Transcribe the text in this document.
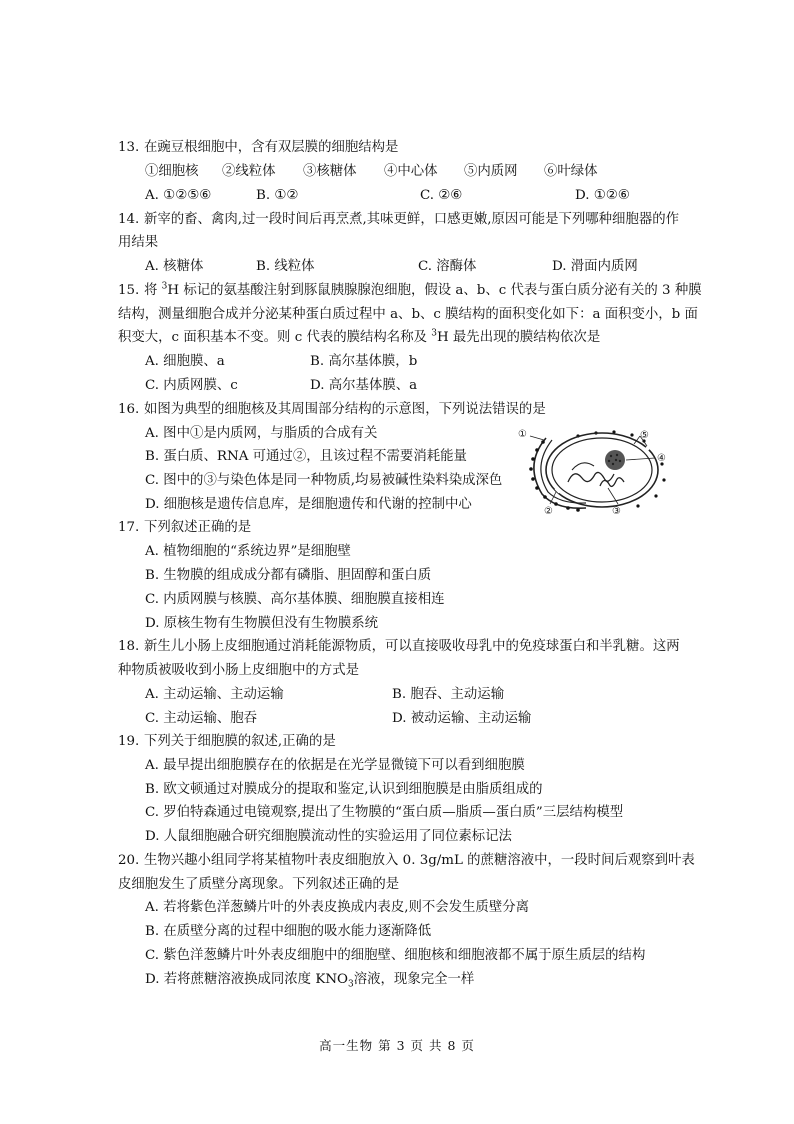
13. 在豌豆根细胞中，含有双层膜的细胞结构是
①细胞核 ②线粒体 ③核糖体 ④中心体 ⑤内质网 ⑥叶绿体
A. ①②⑤⑥	B. ①②	C. ②⑥	D. ①②⑥
14. 新宰的畜、禽肉,过一段时间后再烹煮,其味更鲜，口感更嫩,原因可能是下列哪种细胞器的作
用结果
A. 核糖体	B. 线粒体	C. 溶酶体	D. 滑面内质网
15. 将 $^3$H 标记的氨基酸注射到豚鼠胰腺腺泡细胞，假设 a、b、c 代表与蛋白质分泌有关的 3 种膜
结构，测量细胞合成并分泌某种蛋白质过程中 a、b、c 膜结构的面积变化如下：a 面积变小，b 面
积变大，c 面积基本不变。则 c 代表的膜结构名称及 $^3$H 最先出现的膜结构依次是
A. 细胞膜、a	B. 高尔基体膜，b
C. 内质网膜、c	D. 高尔基体膜、a
16. 如图为典型的细胞核及其周围部分结构的示意图，下列说法错误的是
A. 图中①是内质网，与脂质的合成有关
B. 蛋白质、RNA 可通过②，且该过程不需要消耗能量
C. 图中的③与染色体是同一种物质,均易被碱性染料染成深色
D. 细胞核是遗传信息库，是细胞遗传和代谢的控制中心
①
②	③
④
⑤
17. 下列叙述正确的是
A. 植物细胞的“系统边界”是细胞壁
B. 生物膜的组成成分都有磷脂、胆固醇和蛋白质
C. 内质网膜与核膜、高尔基体膜、细胞膜直接相连
D. 原核生物有生物膜但没有生物膜系统
18. 新生儿小肠上皮细胞通过消耗能源物质，可以直接吸收母乳中的免疫球蛋白和半乳糖。这两
种物质被吸收到小肠上皮细胞中的方式是
A. 主动运输、主动运输	B. 胞吞、主动运输
C. 主动运输、胞吞	D. 被动运输、主动运输
19. 下列关于细胞膜的叙述,正确的是
A. 最早提出细胞膜存在的依据是在光学显微镜下可以看到细胞膜
B. 欧文顿通过对膜成分的提取和鉴定,认识到细胞膜是由脂质组成的
C. 罗伯特森通过电镜观察,提出了生物膜的“蛋白质—脂质—蛋白质”三层结构模型
D. 人鼠细胞融合研究细胞膜流动性的实验运用了同位素标记法
20. 生物兴趣小组同学将某植物叶表皮细胞放入 0. 3g/mL 的蔗糖溶液中，一段时间后观察到叶表
皮细胞发生了质壁分离现象。下列叙述正确的是
A. 若将紫色洋葱鳞片叶的外表皮换成内表皮,则不会发生质壁分离
B. 在质壁分离的过程中细胞的吸水能力逐渐降低
C. 紫色洋葱鳞片叶外表皮细胞中的细胞壁、细胞核和细胞液都不属于原生质层的结构
D. 若将蔗糖溶液换成同浓度 $KNO_3$溶液，现象完全一样
高一生物 第 3 页 共 8 页
